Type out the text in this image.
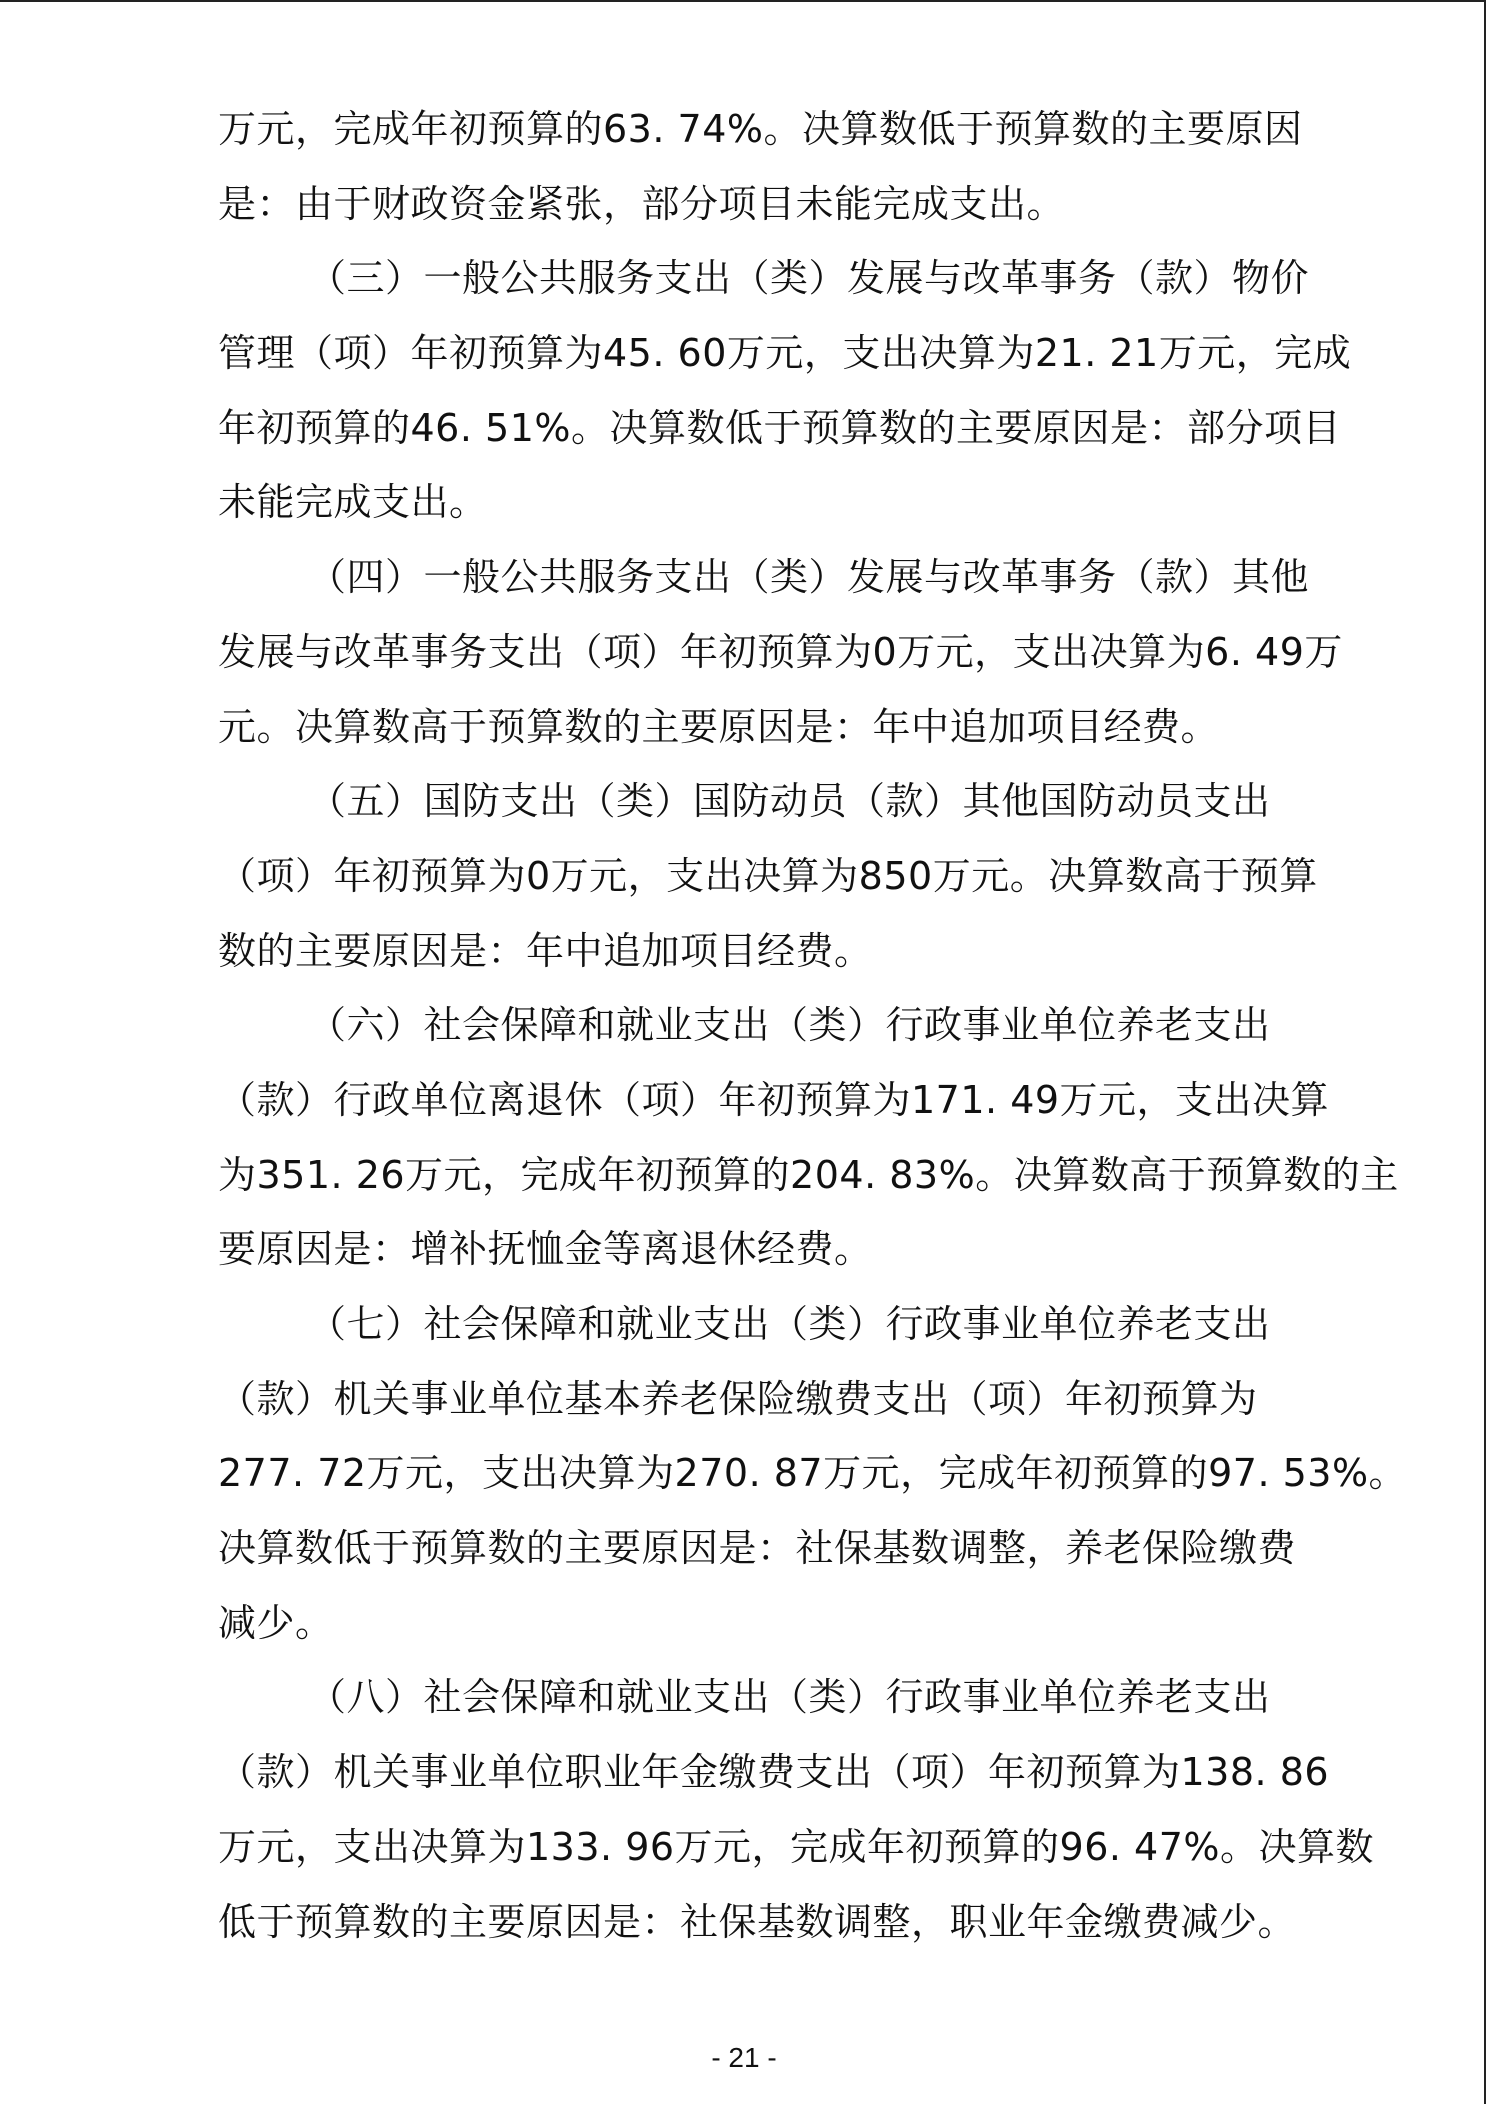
万元，完成年初预算的63. 74%。决算数低于预算数的主要原因
是：由于财政资金紧张，部分项目未能完成支出。
（三）一般公共服务支出（类）发展与改革事务（款）物价
管理（项）年初预算为45. 60万元，支出决算为21. 21万元，完成
年初预算的46. 51%。决算数低于预算数的主要原因是：部分项目
未能完成支出。
（四）一般公共服务支出（类）发展与改革事务（款）其他
发展与改革事务支出（项）年初预算为0万元，支出决算为6. 49万
元。决算数高于预算数的主要原因是：年中追加项目经费。
（五）国防支出（类）国防动员（款）其他国防动员支出
（项）年初预算为0万元，支出决算为850万元。决算数高于预算
数的主要原因是：年中追加项目经费。
（六）社会保障和就业支出（类）行政事业单位养老支出
（款）行政单位离退休（项）年初预算为171. 49万元，支出决算
为351. 26万元，完成年初预算的204. 83%。决算数高于预算数的主
要原因是：增补抚恤金等离退休经费。
（七）社会保障和就业支出（类）行政事业单位养老支出
（款）机关事业单位基本养老保险缴费支出（项）年初预算为
277. 72万元，支出决算为270. 87万元，完成年初预算的97. 53%。
决算数低于预算数的主要原因是：社保基数调整，养老保险缴费
减少。
（八）社会保障和就业支出（类）行政事业单位养老支出
（款）机关事业单位职业年金缴费支出（项）年初预算为138. 86
万元，支出决算为133. 96万元，完成年初预算的96. 47%。决算数
低于预算数的主要原因是：社保基数调整，职业年金缴费减少。
- 21 -
